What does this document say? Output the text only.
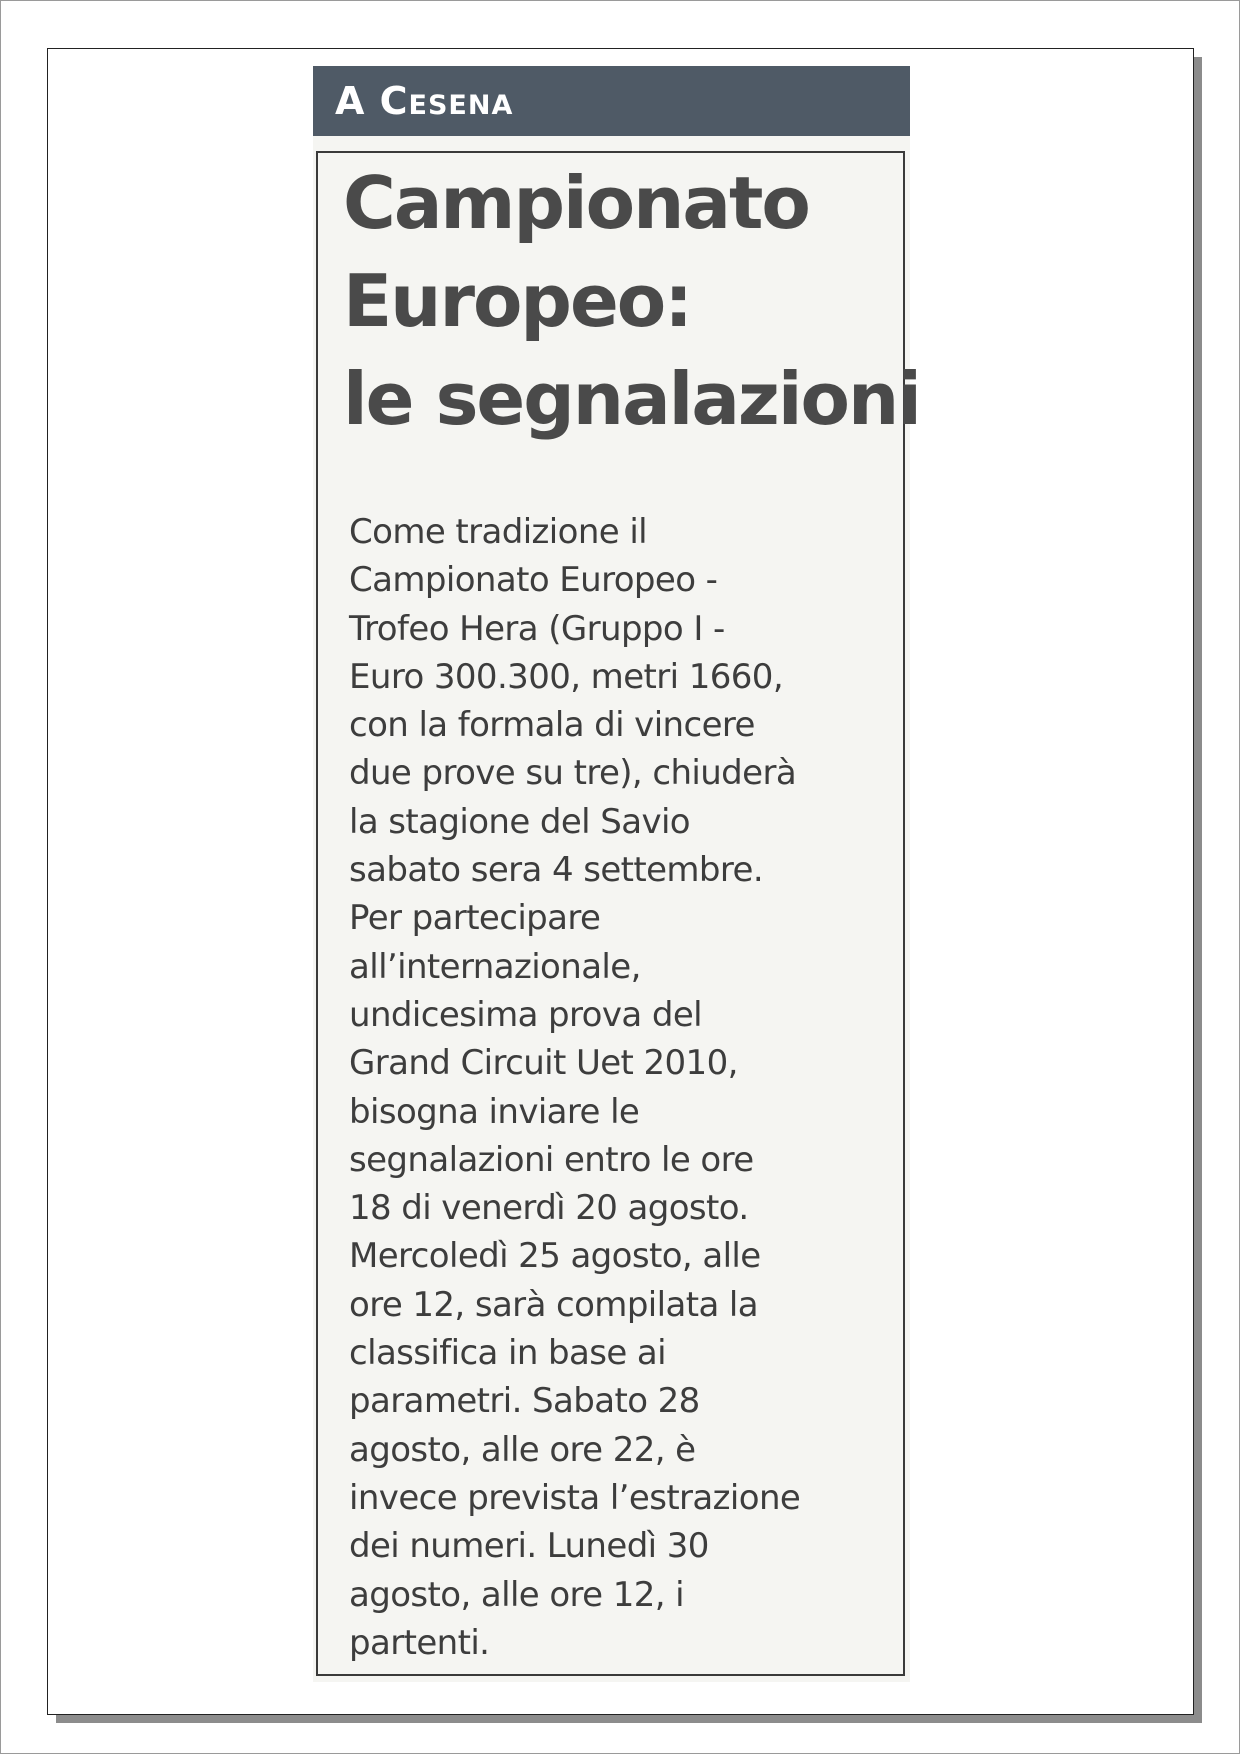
A Cesena
Campionato
Europeo:
le segnalazioni
Come tradizione il
Campionato Europeo -
Trofeo Hera (Gruppo I -
Euro 300.300, metri 1660,
con la formala di vincere
due prove su tre), chiuderà
la stagione del Savio
sabato sera 4 settembre.
Per partecipare
all’internazionale,
undicesima prova del
Grand Circuit Uet 2010,
bisogna inviare le
segnalazioni entro le ore
18 di venerdì 20 agosto.
Mercoledì 25 agosto, alle
ore 12, sarà compilata la
classifica in base ai
parametri. Sabato 28
agosto, alle ore 22, è
invece prevista l’estrazione
dei numeri. Lunedì 30
agosto, alle ore 12, i
partenti.
